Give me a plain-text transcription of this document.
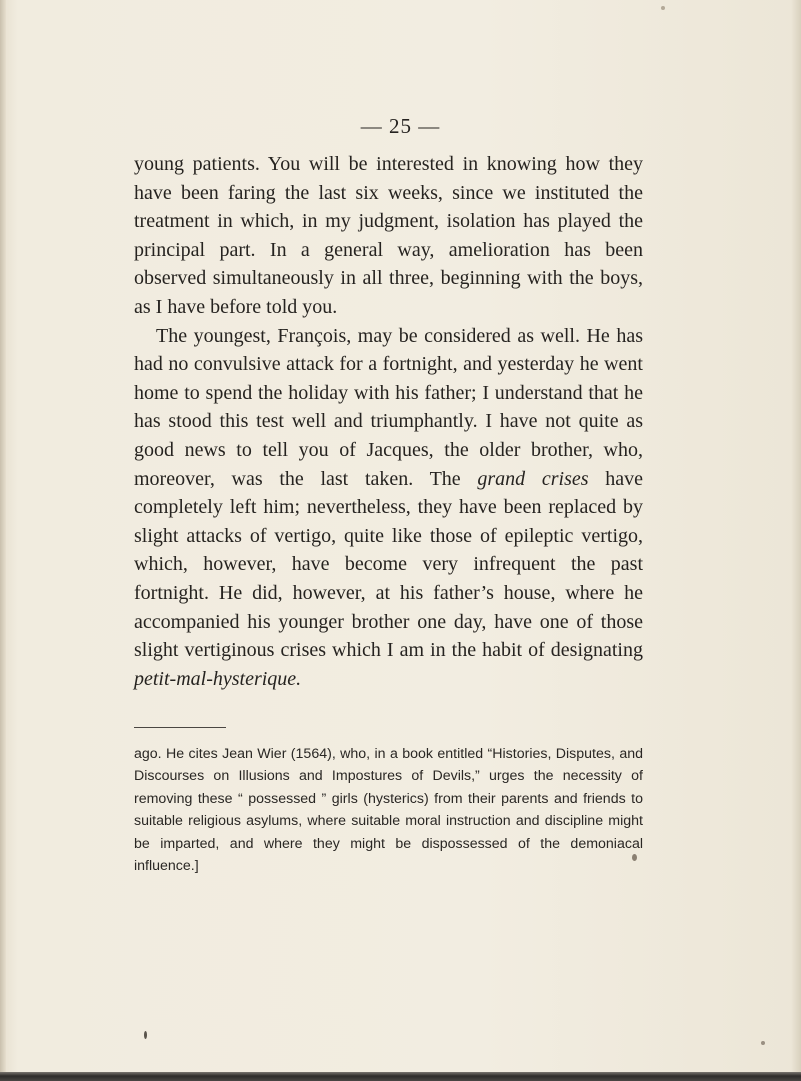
— 25 —

young patients. You will be interested in knowing how they have been faring the last six weeks, since we instituted the treatment in which, in my judgment, isolation has played the principal part. In a general way, amelioration has been observed simultaneously in all three, beginning with the boys, as I have before told you.

The youngest, François, may be considered as well. He has had no convulsive attack for a fortnight, and yesterday he went home to spend the holiday with his father; I understand that he has stood this test well and triumphantly. I have not quite as good news to tell you of Jacques, the older brother, who, moreover, was the last taken. The grand crises have completely left him; nevertheless, they have been replaced by slight attacks of vertigo, quite like those of epileptic vertigo, which, however, have become very infrequent the past fortnight. He did, however, at his father’s house, where he accompanied his younger brother one day, have one of those slight vertiginous crises which I am in the habit of designating petit-mal-hysterique.

ago. He cites Jean Wier (1564), who, in a book entitled “Histories, Disputes, and Discourses on Illusions and Impostures of Devils,” urges the necessity of removing these “ possessed ” girls (hysterics) from their parents and friends to suitable religious asylums, where suitable moral instruction and discipline might be imparted, and where they might be dispossessed of the demoniacal influence.]
